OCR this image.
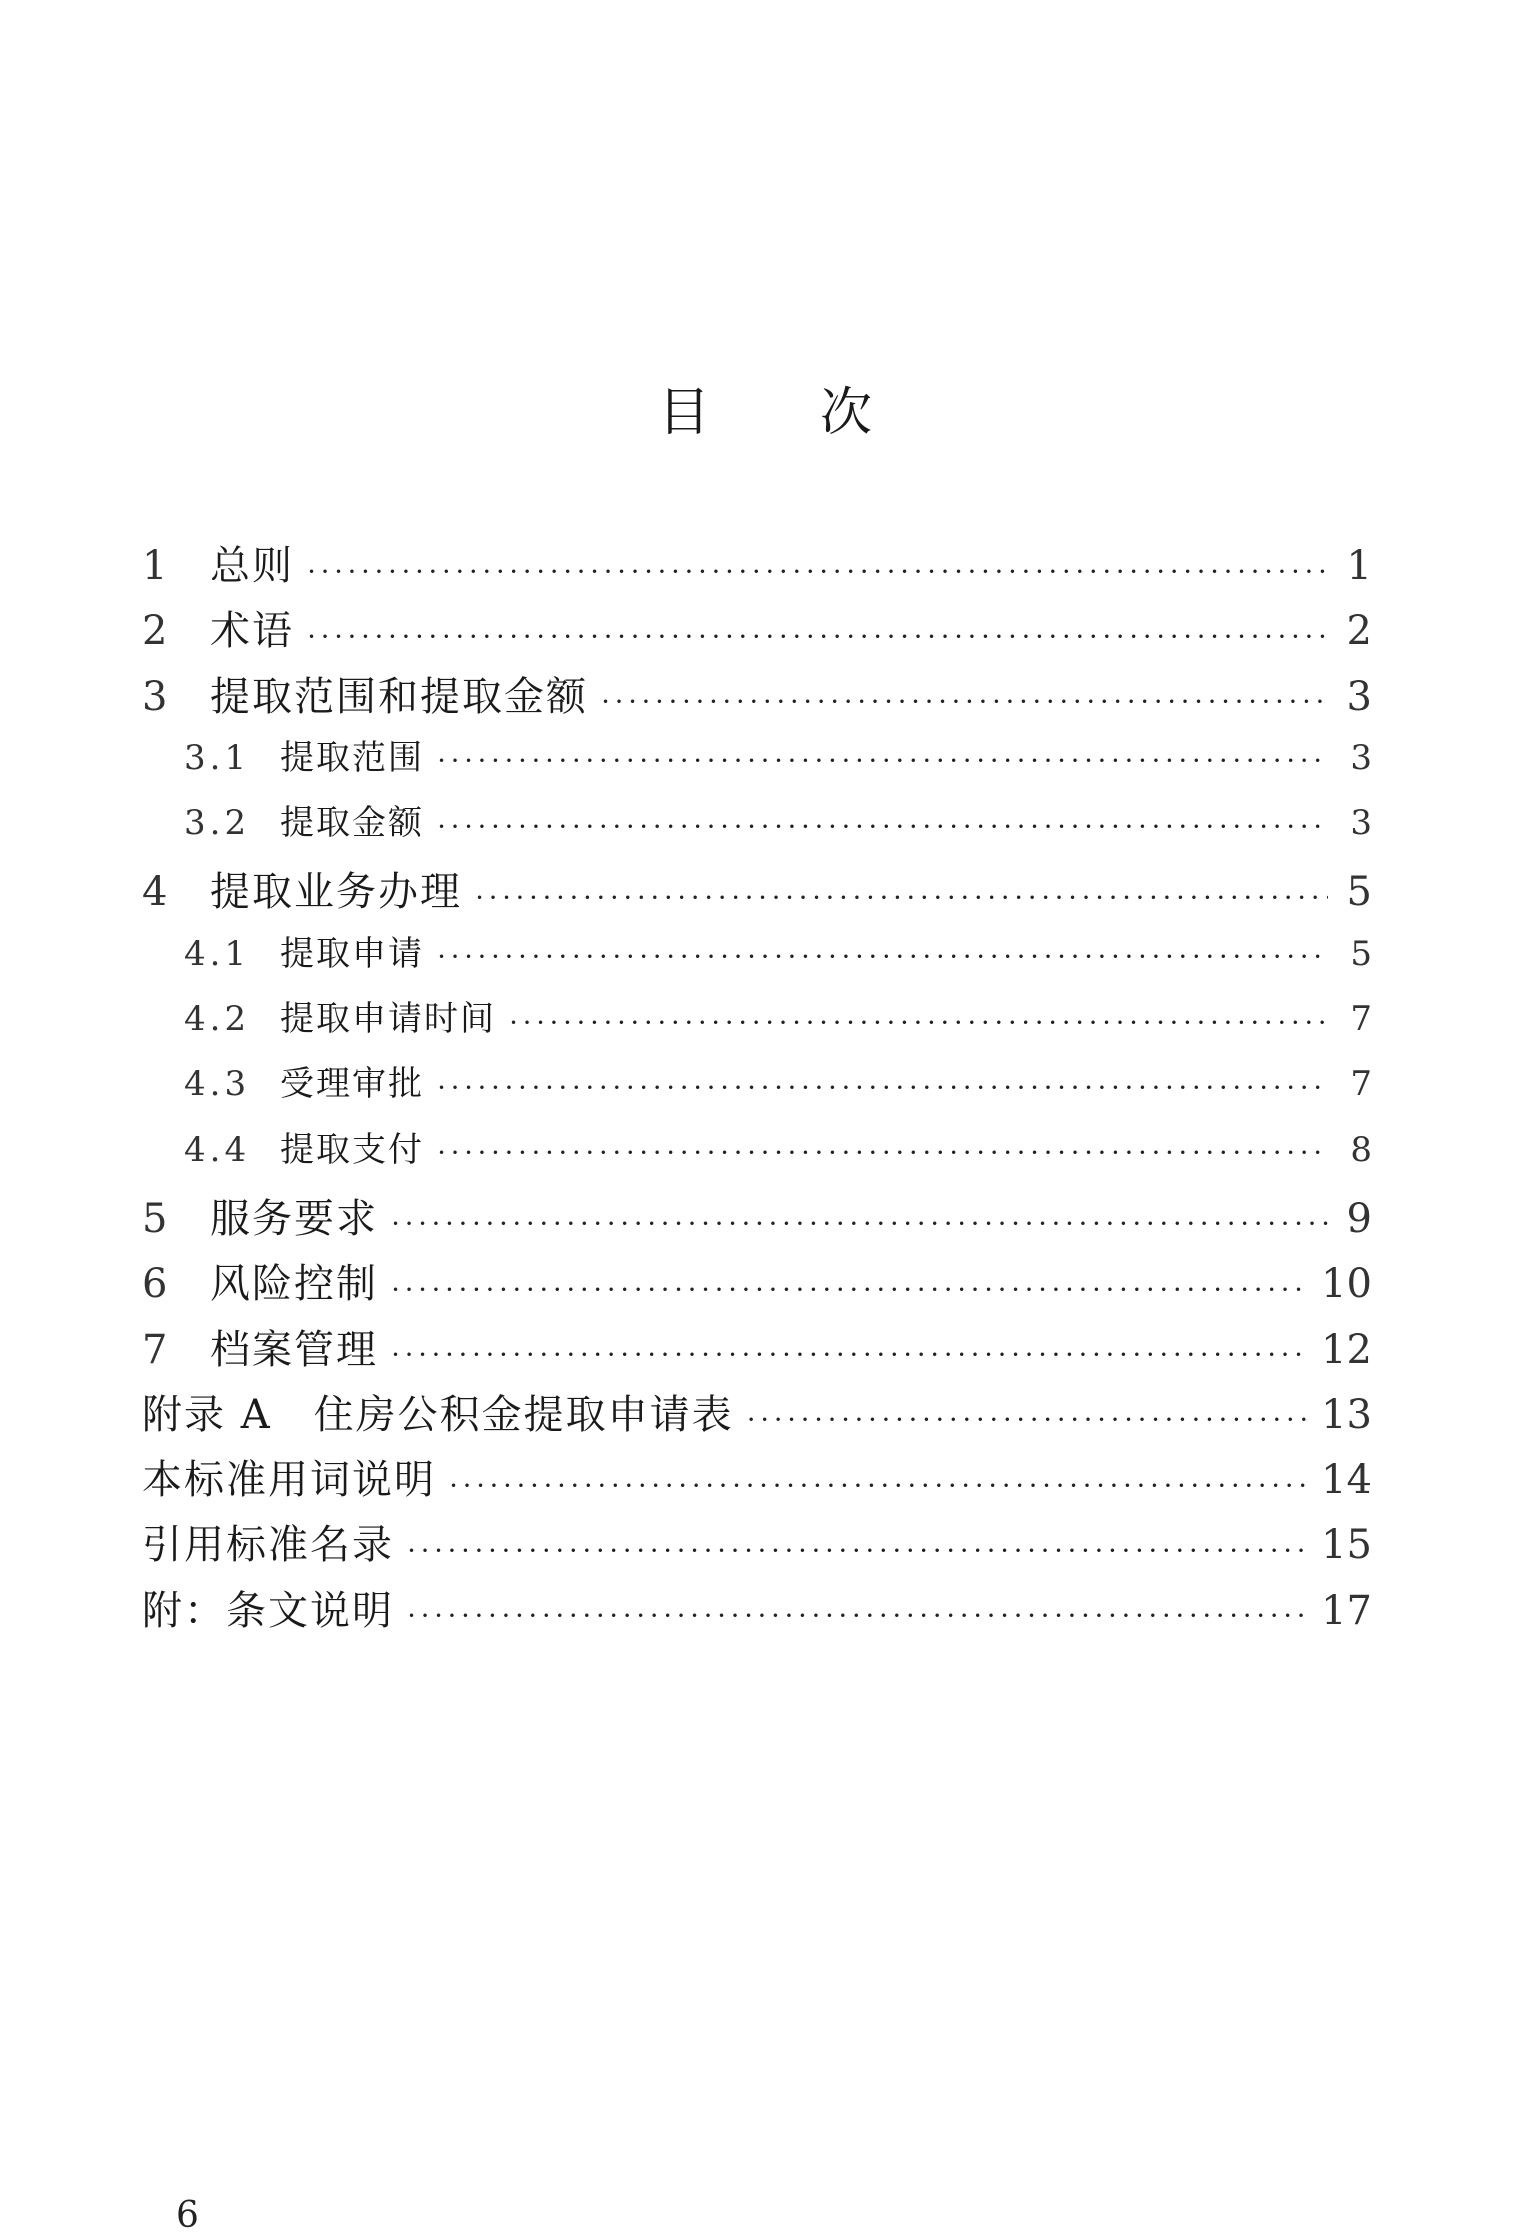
目次
1	总则 •••••	1
2	术语 •••••	2
3	提取范围和提取金额 •••••	3
3.1 提取范围 •••••	3
3.2 提取金额 •••••	3
4	提取业务办理 •••••	5
4.1 提取申请 •••••	5
4.2 提取申请时间 •••••	7
4.3 受理审批 •••••	7
4.4 提取支付 •••••	8
5	服务要求 •••••	9
6	风险控制 •••••	10
7	档案管理 •••••	12
附录 A　住房公积金提取申请表 •••••	13
本标准用词说明 •••••	14
引用标准名录 •••••	15
附：条文说明 •••••	17
6
